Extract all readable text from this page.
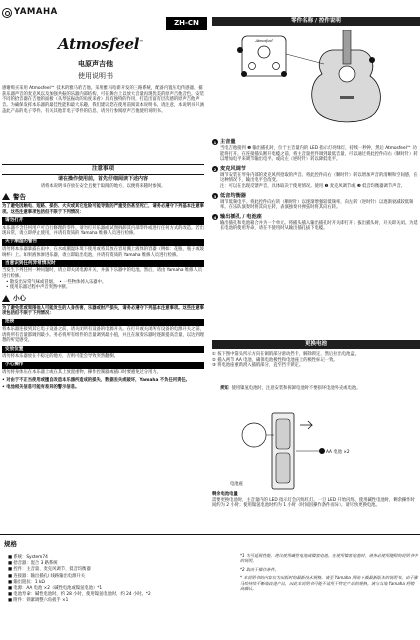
YAMAHA
ZH-CN
Atmosfeel™
电原声吉他
使用说明书
感谢购买采用 Atmosfeel™ 技术的雅马哈吉他。采用雅马哈新开发的三路系统，配备内置压电传感器、捕获乐器声音的麦克风以及加强共振的乐器内部结构，可在舞台上以放大音量再现优美的原声吉他音色。安装不同的拾音器在吉他的面板（从琴弦振动的角度来看）具有独特的作用，打造出富有层次感的原声吉他声音。为确保发挥本乐器的最佳性能和最大乐趣，我们建议您在使用前阅读本说明书。请注意，本说明书只涵盖此产品的电子零件。有关其他非电子零件的信息，请另行参阅原声吉他使用说明书。
注意事项
请在操作使用前，首先仔细阅读下述内容
请将本说明书存放在安全且便于取阅的地方，以便将来随时参阅。
警告
为了避免因触电、短路、损伤、火灾或其它危险可能导致的严重受伤甚至死亡，请务必遵守下列基本注意事项。这些注意事项包括但不限于下列情况：
请勿打开
本乐器不含任何用户可自行修理的零件。请勿打开乐器或试图拆卸其内部零件或进行任何方式的改造。若出现异常，请立即停止使用，并请有资质的 Yamaha 维修人员进行检修。
关于潮湿的警告
请勿将本乐器暴露在雨中、在水或潮湿环境下使用或将其放在容易溅上液体的容器（例如：花瓶、瓶子或玻璃杯）上。如果液体渗进乐器，请立即取出电池，并请有资质的 Yamaha 维修人员进行检修。
当意识到任何异常情况时
当发生下列任何一种问题时，请立即关闭电源开关，并拔下乐器中的电池。然后，请由 Yamaha 维修人员进行检修。
• 散发出异常气味或冒烟。　• 一些物体掉入乐器中。
• 使用乐器过程中声音突然中断。
小心
为了避免您或周围他人可能发生的人身伤害，乐器或财产损失，请务必遵守下列基本注意事项。这些注意事项包括但不限于下列情况：
连接
将本乐器连接到其它电子设备之前，请关闭所有设备的电源开关。在打开或关闭所有设备的电源开关之前，请将所有音量都调到最小。务必将所有组件的音量调到最小值，并且在演奏乐器时逐渐提高音量，以达到理想的听觉感受。
安放位置
请勿将本乐器放在不稳定的地方，否则可能会导致突然翻倒。
小心操作
请勿将身体压在本乐器上或在其上放置重物，操作控制器或插口时要避免过分用力。
• 对由于不正当使用或擅自改造本乐器所造成的损失、数据丢失或破坏，Yamaha 不负任何责任。
• 电池相关信息可能有差异的警示信息。
零件名称 / 控件说明
Atmosfeel
1 主音量
当电吉他接到 ❺ 输出插孔时，位于主音量内的 LED 指示灯亮绿灯，持续一秒钟，然后 Atmosfeel™ 功能将打开。在连接插头断开电缆之前，将主音量控件调到最低音量，可以通过将此控件向右（顺时针）转以增加电平来调节输出电平。或向左（逆时针）转以降低电平。
2 麦克风调节
调节安装在琴身内部的麦克风所拾取的声音。将此控件向右（顺时针）转以增加声音的清晰和空间感，在这种情况下，输出电平会改变。
注：可以在出现反馈声音，具体取决于使用情况。使用 ❷ 麦克风调节或 ❸ 低音均衡器调节声音。
3 低音均衡器
调节低频电平。将此控件向右转（顺时针）以逐渐增强较低频率，向左转（逆时针）以逐渐衰减较低频率。在乐队演奏时将其向左转，表演独奏并弹弦时将其向右转。
4 输出插孔 / 电池座
输出插孔和电池箱合并为一个单元。将插头插入输出插孔时开关即打开；拔出插头时，开关即关闭。为延长电池的使用寿命，请在不使用时从输出插孔拔下电缆。
更换电池
① 按下图中箭头所示方向在铜销部分滑动挡卡，解除锁定，然后拉出电池盒。
② 插入两节 AA 电池，确保电池极性和电池座上的极性标记一致。
③ 将电池座重新滑入插销部分，直至挡卡锁定。
须知 使用镍氢电池时，注意安装和拆卸电池时不要损坏电池外壳或电池。
电池座
AA 电池 ×2
剩余电池电量
需要更换电池时，主音量内的 LED 指示灯会闪烁红灯。一旦 LED 开始闪烁，使用碱性电池时，剩余操作时间约为 2 小时；使用镍氢电池时约为 1 小时（时间因操作条件而异）。请尽快更换电池。
规格
■ 系统：System74
■ 拾音器：混合 3 路系统
■ 控件：主音量、麦克风调节、低音均衡器
■ 连接器：输出插孔/ 线路输出电源开关
■ 输出阻抗：1 kΩ
■ 电源：AA 电池 ×2（碱性电池或镍氢电池）*1
■ 电池寿命：碱性电池时，约 28 小时，使用镍氢电池时，约 24 小时。*2
■ 附件：锁紧调整六角扳手 ×1

*1 为可延展性能，建议使用碱性电池或镍氢电池。在使用镍氢电池时，请务必使用随附的说明书中的说明。

*2 取决于操作条件。

* 本说明书的内容仅为出版时的最新技术规格。请至 Yamaha 网站下载最新版本的说明书。由于雅马哈持续不断地改进产品，因此本说明书可能不适用于特定产品的规格。请与当地 Yamaha 经销商确认。
